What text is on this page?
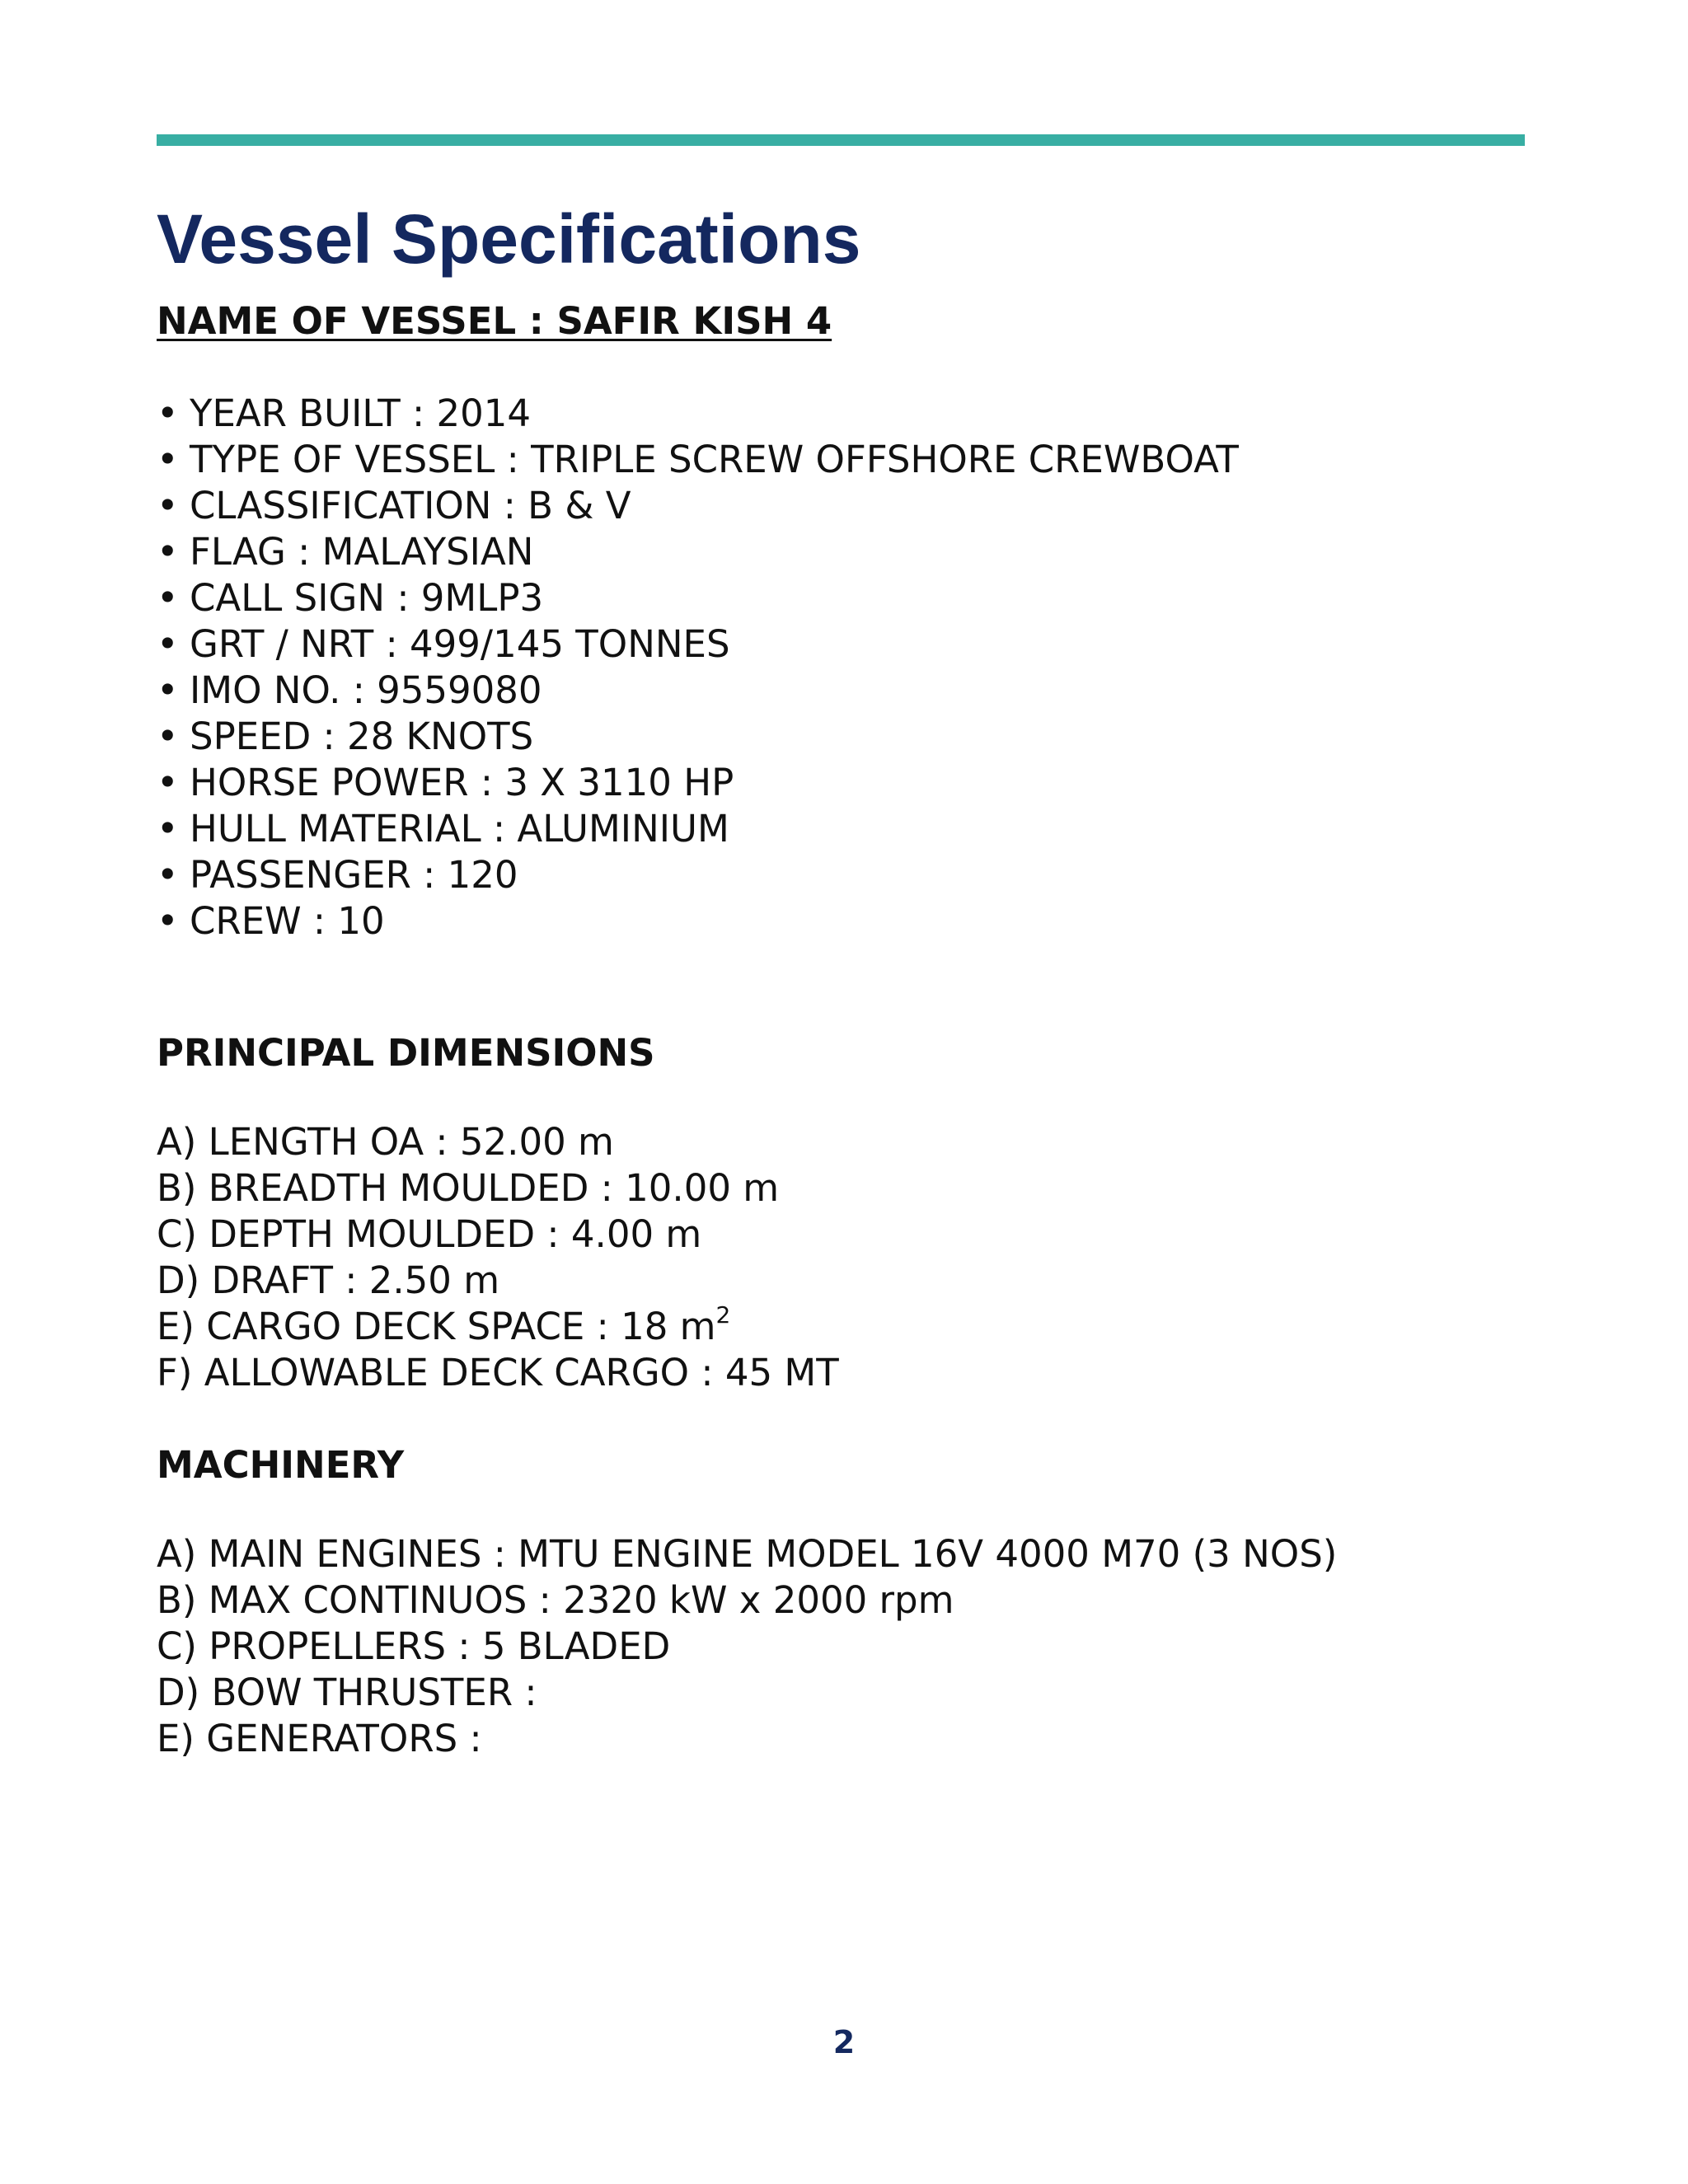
Vessel Specifications
NAME OF VESSEL : SAFIR KISH 4
• YEAR BUILT : 2014
• TYPE OF VESSEL : TRIPLE SCREW OFFSHORE CREWBOAT
• CLASSIFICATION : B & V
• FLAG : MALAYSIAN
• CALL SIGN : 9MLP3
• GRT / NRT : 499/145 TONNES
• IMO NO. : 9559080
• SPEED : 28 KNOTS
• HORSE POWER : 3 X 3110 HP
• HULL MATERIAL : ALUMINIUM
• PASSENGER : 120
• CREW : 10
PRINCIPAL DIMENSIONS
A) LENGTH OA : 52.00 m
B) BREADTH MOULDED : 10.00 m
C) DEPTH MOULDED : 4.00 m
D) DRAFT : 2.50 m
E) CARGO DECK SPACE : 18 $m^2$
F) ALLOWABLE DECK CARGO : 45 MT
MACHINERY
A) MAIN ENGINES : MTU ENGINE MODEL 16V 4000 M70 (3 NOS)
B) MAX CONTINUOS : 2320 kW x 2000 rpm
C) PROPELLERS : 5 BLADED
D) BOW THRUSTER :
E) GENERATORS :
2
